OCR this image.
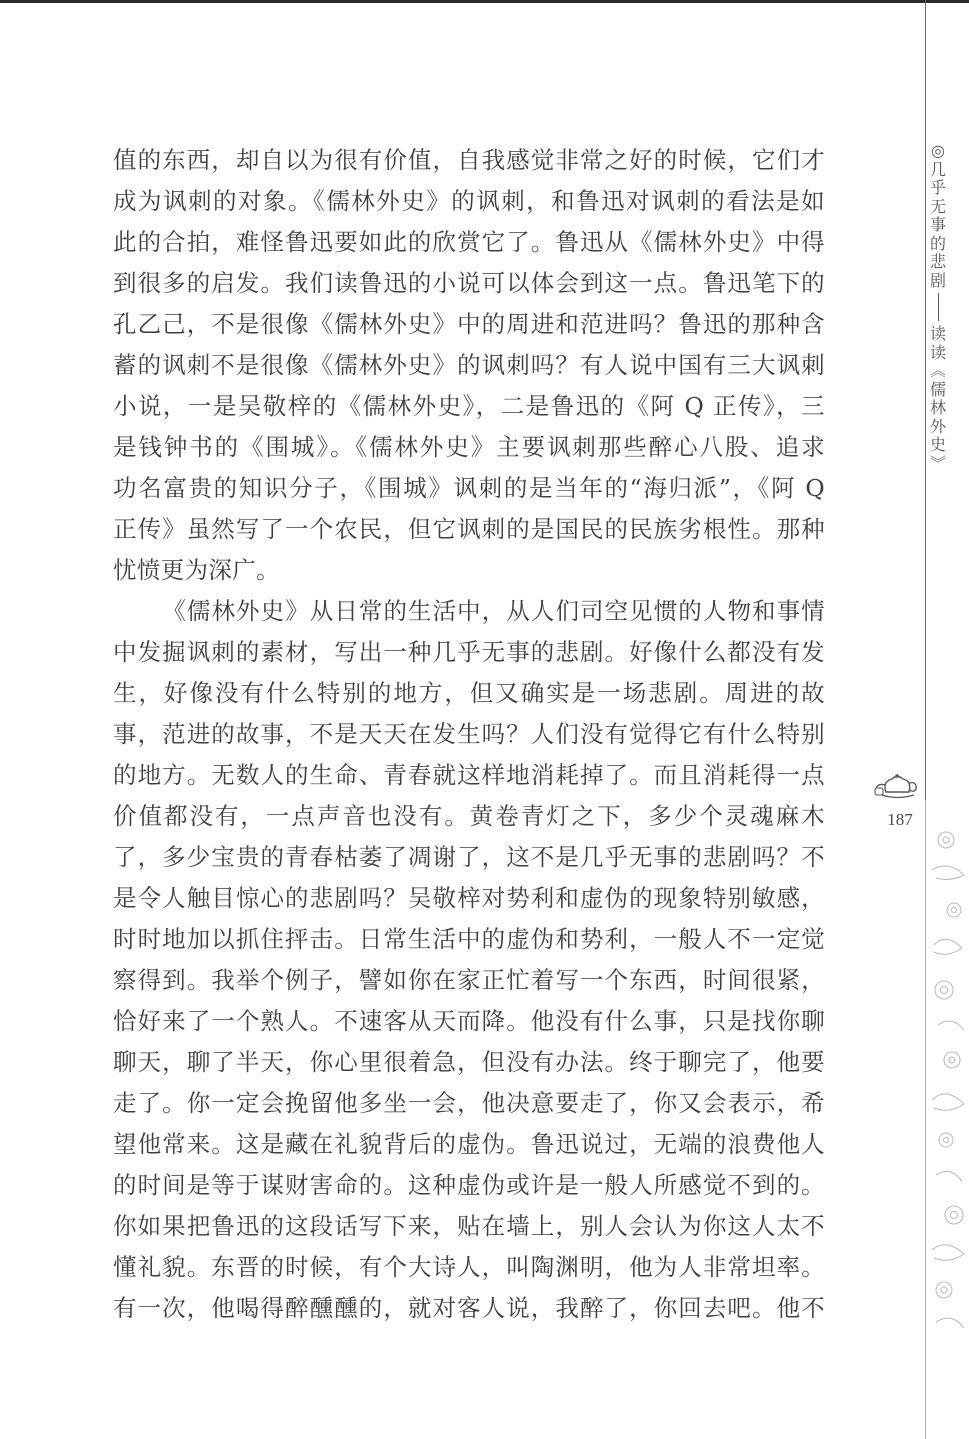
◎
几
乎
无
事
的
悲
剧
读
读
︽
儒
林
外
史
︾
187

值的东西，却自以为很有价值，自我感觉非常之好的时候，它们才

成为讽刺的对象。《儒林外史》的讽刺，和鲁迅对讽刺的看法是如

此的合拍，难怪鲁迅要如此的欣赏它了。鲁迅从《儒林外史》中得

到很多的启发。我们读鲁迅的小说可以体会到这一点。鲁迅笔下的

孔乙己，不是很像《儒林外史》中的周进和范进吗？鲁迅的那种含

蓄的讽刺不是很像《儒林外史》的讽刺吗？有人说中国有三大讽刺

小说，一是吴敬梓的《儒林外史》，二是鲁迅的《阿 Q 正传》，三

是钱钟书的《围城》。《儒林外史》主要讽刺那些醉心八股、追求

功名富贵的知识分子，《围城》讽刺的是当年的“海归派”，《阿 Q

正传》虽然写了一个农民，但它讽刺的是国民的民族劣根性。那种

忧愤更为深广。

《儒林外史》从日常的生活中，从人们司空见惯的人物和事情

中发掘讽刺的素材，写出一种几乎无事的悲剧。好像什么都没有发

生，好像没有什么特别的地方，但又确实是一场悲剧。周进的故

事，范进的故事，不是天天在发生吗？人们没有觉得它有什么特别

的地方。无数人的生命、青春就这样地消耗掉了。而且消耗得一点

价值都没有，一点声音也没有。黄卷青灯之下，多少个灵魂麻木

了，多少宝贵的青春枯萎了凋谢了，这不是几乎无事的悲剧吗？不

是令人触目惊心的悲剧吗？吴敬梓对势利和虚伪的现象特别敏感，

时时地加以抓住抨击。日常生活中的虚伪和势利，一般人不一定觉

察得到。我举个例子，譬如你在家正忙着写一个东西，时间很紧，

恰好来了一个熟人。不速客从天而降。他没有什么事，只是找你聊

聊天，聊了半天，你心里很着急，但没有办法。终于聊完了，他要

走了。你一定会挽留他多坐一会，他决意要走了，你又会表示，希

望他常来。这是藏在礼貌背后的虚伪。鲁迅说过，无端的浪费他人

的时间是等于谋财害命的。这种虚伪或许是一般人所感觉不到的。

你如果把鲁迅的这段话写下来，贴在墙上，别人会认为你这人太不

懂礼貌。东晋的时候，有个大诗人，叫陶渊明，他为人非常坦率。

有一次，他喝得醉醺醺的，就对客人说，我醉了，你回去吧。他不
